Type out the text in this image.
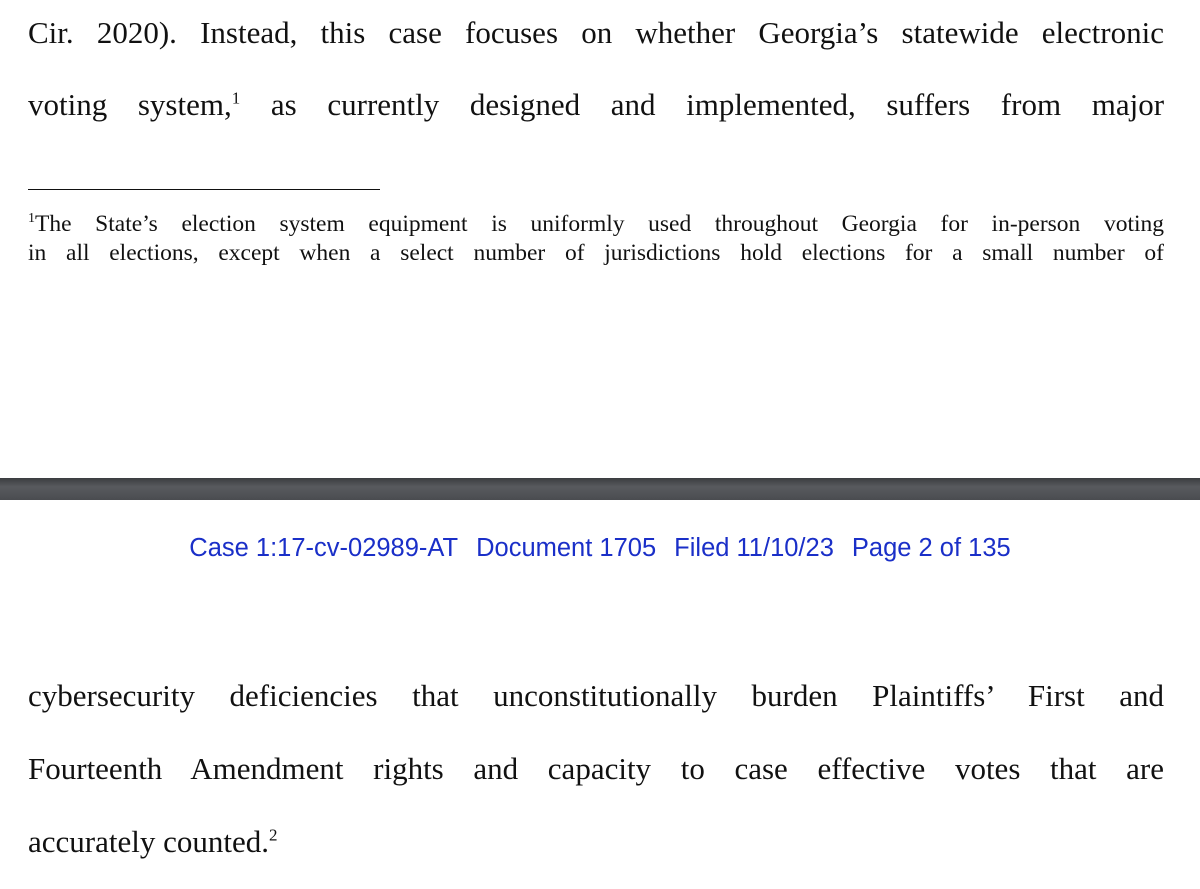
Cir. 2020). Instead, this case focuses on whether Georgia’s statewide electronic
voting system,$^1$ as currently designed and implemented, suffers from major
$^1$The State’s election system equipment is uniformly used throughout Georgia for in-person voting
in all elections, except when a select number of jurisdictions hold elections for a small number of
Case 1:17-cv-02989-AT Document 1705 Filed 11/10/23 Page 2 of 135
cybersecurity deficiencies that unconstitutionally burden Plaintiffs’ First and
Fourteenth Amendment rights and capacity to case effective votes that are
accurately counted.$^2$
